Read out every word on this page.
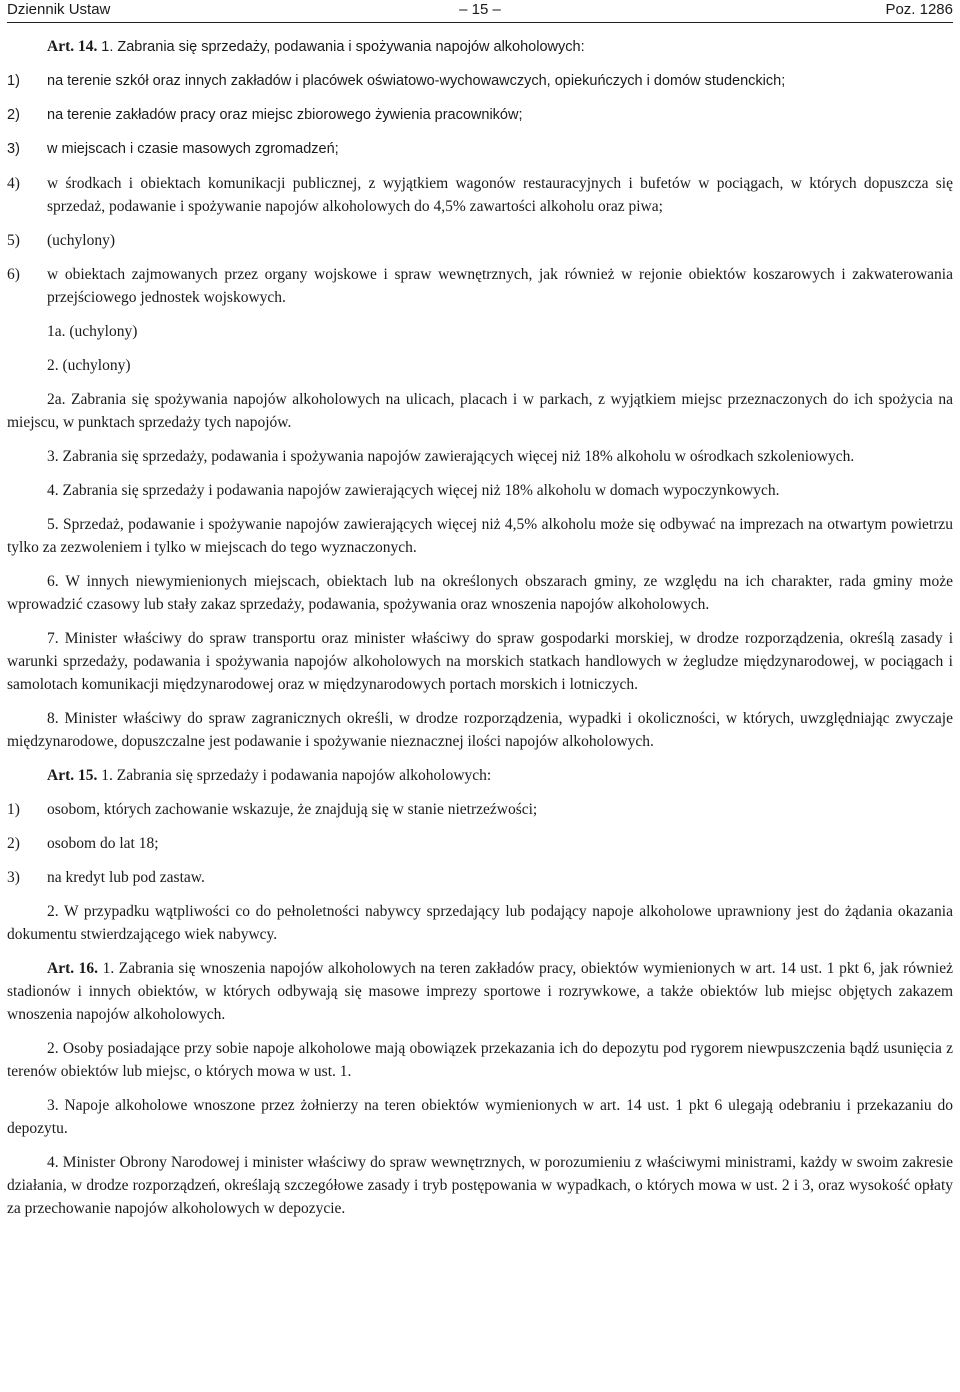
Dziennik Ustaw	– 15 –	Poz. 1286

Art. 14. 1. Zabrania się sprzedaży, podawania i spożywania napojów alkoholowych:

1)	na terenie szkół oraz innych zakładów i placówek oświatowo-wychowawczych, opiekuńczych i domów studenckich;
2)	na terenie zakładów pracy oraz miejsc zbiorowego żywienia pracowników;
3)	w miejscach i czasie masowych zgromadzeń;
4)	w środkach i obiektach komunikacji publicznej, z wyjątkiem wagonów restauracyjnych i bufetów w pociągach, w których dopuszcza się sprzedaż, podawanie i spożywanie napojów alkoholowych do 4,5% zawartości alkoholu oraz piwa;
5)	(uchylony)
6)	w obiektach zajmowanych przez organy wojskowe i spraw wewnętrznych, jak również w rejonie obiektów koszarowych i zakwaterowania przejściowego jednostek wojskowych.

1a. (uchylony)

2. (uchylony)

2a. Zabrania się spożywania napojów alkoholowych na ulicach, placach i w parkach, z wyjątkiem miejsc przeznaczonych do ich spożycia na miejscu, w punktach sprzedaży tych napojów.

3. Zabrania się sprzedaży, podawania i spożywania napojów zawierających więcej niż 18% alkoholu w ośrodkach szkoleniowych.

4. Zabrania się sprzedaży i podawania napojów zawierających więcej niż 18% alkoholu w domach wypoczynkowych.

5. Sprzedaż, podawanie i spożywanie napojów zawierających więcej niż 4,5% alkoholu może się odbywać na imprezach na otwartym powietrzu tylko za zezwoleniem i tylko w miejscach do tego wyznaczonych.

6. W innych niewymienionych miejscach, obiektach lub na określonych obszarach gminy, ze względu na ich charakter, rada gminy może wprowadzić czasowy lub stały zakaz sprzedaży, podawania, spożywania oraz wnoszenia napojów alkoholowych.

7. Minister właściwy do spraw transportu oraz minister właściwy do spraw gospodarki morskiej, w drodze rozporządzenia, określą zasady i warunki sprzedaży, podawania i spożywania napojów alkoholowych na morskich statkach handlowych w żegludze międzynarodowej, w pociągach i samolotach komunikacji międzynarodowej oraz w międzynarodowych portach morskich i lotniczych.

8. Minister właściwy do spraw zagranicznych określi, w drodze rozporządzenia, wypadki i okoliczności, w których, uwzględniając zwyczaje międzynarodowe, dopuszczalne jest podawanie i spożywanie nieznacznej ilości napojów alkoholowych.

Art. 15. 1. Zabrania się sprzedaży i podawania napojów alkoholowych:

1)	osobom, których zachowanie wskazuje, że znajdują się w stanie nietrzeźwości;
2)	osobom do lat 18;
3)	na kredyt lub pod zastaw.

2. W przypadku wątpliwości co do pełnoletności nabywcy sprzedający lub podający napoje alkoholowe uprawniony jest do żądania okazania dokumentu stwierdzającego wiek nabywcy.

Art. 16. 1. Zabrania się wnoszenia napojów alkoholowych na teren zakładów pracy, obiektów wymienionych w art. 14 ust. 1 pkt 6, jak również stadionów i innych obiektów, w których odbywają się masowe imprezy sportowe i rozrywkowe, a także obiektów lub miejsc objętych zakazem wnoszenia napojów alkoholowych.

2. Osoby posiadające przy sobie napoje alkoholowe mają obowiązek przekazania ich do depozytu pod rygorem niewpuszczenia bądź usunięcia z terenów obiektów lub miejsc, o których mowa w ust. 1.

3. Napoje alkoholowe wnoszone przez żołnierzy na teren obiektów wymienionych w art. 14 ust. 1 pkt 6 ulegają odebraniu i przekazaniu do depozytu.

4. Minister Obrony Narodowej i minister właściwy do spraw wewnętrznych, w porozumieniu z właściwymi ministrami, każdy w swoim zakresie działania, w drodze rozporządzeń, określają szczegółowe zasady i tryb postępowania w wypadkach, o których mowa w ust. 2 i 3, oraz wysokość opłaty za przechowanie napojów alkoholowych w depozycie.
